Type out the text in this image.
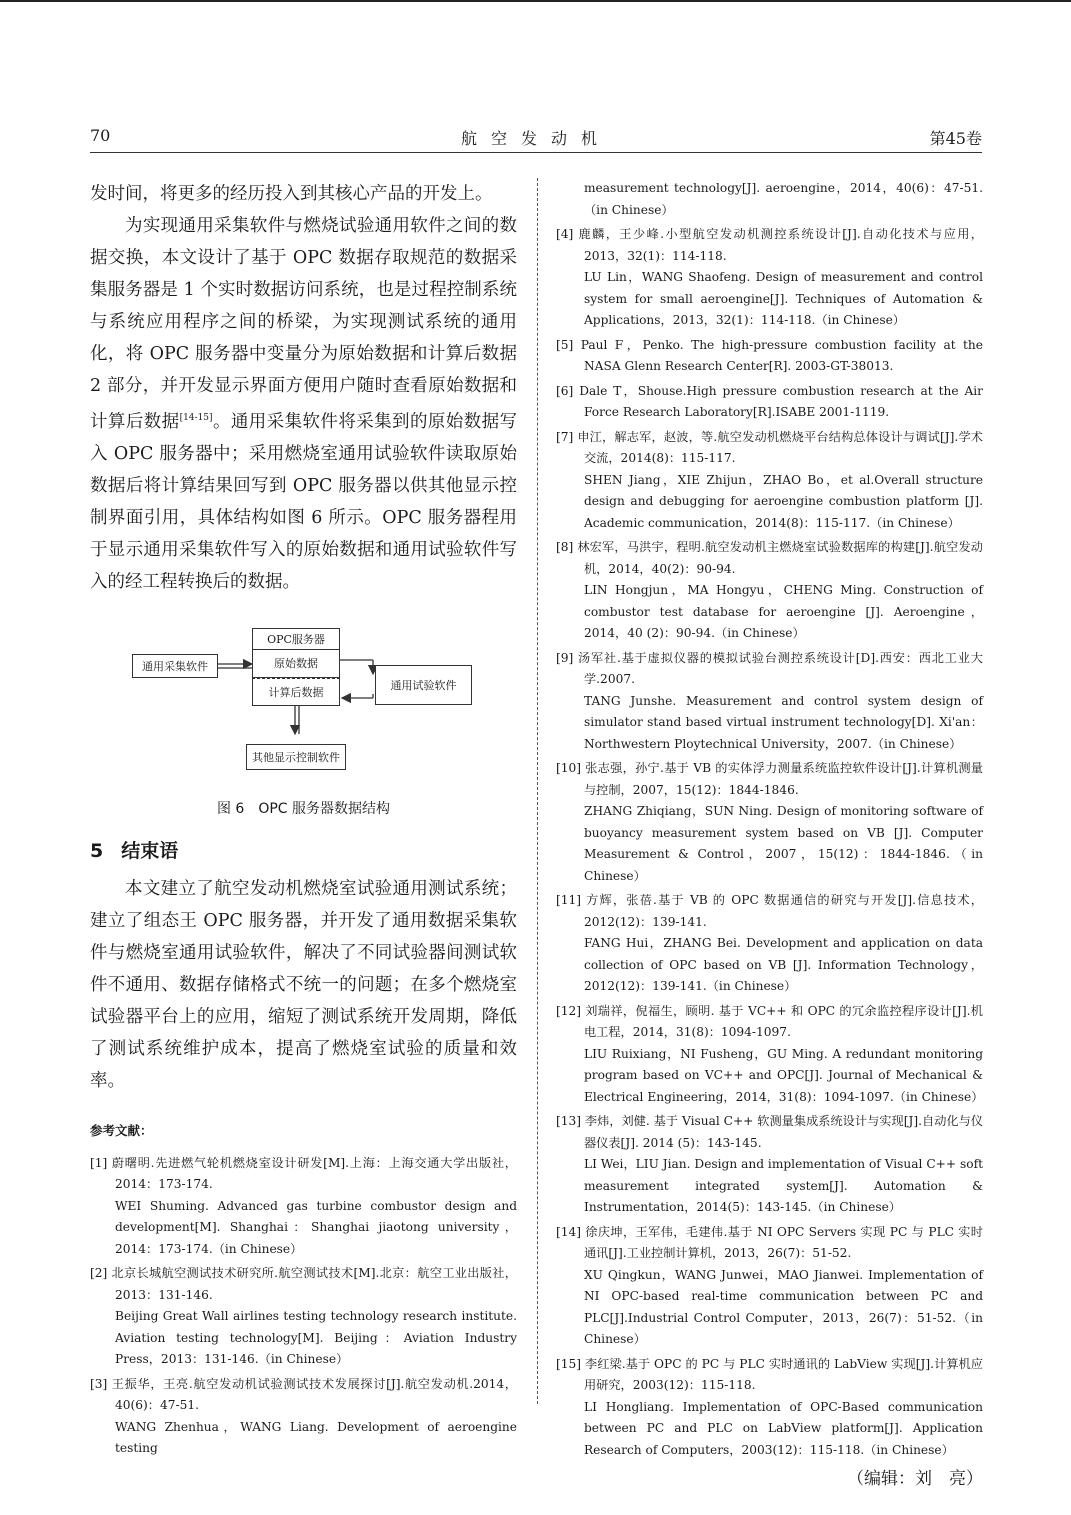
70	航空发动机	第45卷

发时间，将更多的经历投入到其核心产品的开发上。

为实现通用采集软件与燃烧试验通用软件之间的数据交换，本文设计了基于 OPC 数据存取规范的数据采集服务器是 1 个实时数据访问系统，也是过程控制系统与系统应用程序之间的桥梁，为实现测试系统的通用化，将 OPC 服务器中变量分为原始数据和计算后数据 2 部分，并开发显示界面方便用户随时查看原始数据和计算后数据[14-15]。通用采集软件将采集到的原始数据写入 OPC 服务器中；采用燃烧室通用试验软件读取原始数据后将计算结果回写到 OPC 服务器以供其他显示控制界面引用，具体结构如图 6 所示。OPC 服务器程用于显示通用采集软件写入的原始数据和通用试验软件写入的经工程转换后的数据。

OPC服务器
原始数据
计算后数据
通用采集软件
通用试验软件
其他显示控制软件
图 6　OPC 服务器数据结构
5 结束语

本文建立了航空发动机燃烧室试验通用测试系统；建立了组态王 OPC 服务器，并开发了通用数据采集软件与燃烧室通用试验软件，解决了不同试验器间测试软件不通用、数据存储格式不统一的问题；在多个燃烧室试验器平台上的应用，缩短了测试系统开发周期，降低了测试系统维护成本，提高了燃烧室试验的质量和效率。

参考文献：
[1] 蔚曙明.先进燃气轮机燃烧室设计研发[M].上海：上海交通大学出版社，2014：173-174.
WEI Shuming. Advanced gas turbine combustor design and development[M]. Shanghai：Shanghai jiaotong university，2014：173-174.（in Chinese）
[2] 北京长城航空测试技术研究所.航空测试技术[M].北京：航空工业出版社，2013：131-146.
Beijing Great Wall airlines testing technology research institute. Aviation testing technology[M]. Beijing：Aviation Industry Press，2013：131-146.（in Chinese）
[3] 王振华，王亮.航空发动机试验测试技术发展探讨[J].航空发动机.2014，40(6)：47-51.
WANG Zhenhua，WANG Liang. Development of aeroengine testing
measurement technology[J]. aeroengine，2014，40(6)：47-51.（in Chinese）
[4] 鹿麟，王少峰.小型航空发动机测控系统设计[J].自动化技术与应用，2013，32(1)：114-118.
LU Lin，WANG Shaofeng. Design of measurement and control system for small aeroengine[J]. Techniques of Automation & Applications，2013，32(1)：114-118.（in Chinese）
[5] Paul F，Penko. The high-pressure combustion facility at the NASA Glenn Research Center[R]. 2003-GT-38013.
[6] Dale T，Shouse.High pressure combustion research at the Air Force Research Laboratory[R].ISABE 2001-1119.
[7] 申江，解志军，赵波，等.航空发动机燃烧平台结构总体设计与调试[J].学术交流，2014(8)：115-117.
SHEN Jiang，XIE Zhijun，ZHAO Bo，et al.Overall structure design and debugging for aeroengine combustion platform [J]. Academic communication，2014(8)：115-117.（in Chinese）
[8] 林宏军，马洪宇，程明.航空发动机主燃烧室试验数据库的构建[J].航空发动机，2014，40(2)：90-94.
LIN Hongjun，MA Hongyu，CHENG Ming. Construction of combustor test database for aeroengine [J]. Aeroengine，2014，40 (2)：90-94.（in Chinese）
[9] 汤军社.基于虚拟仪器的模拟试验台测控系统设计[D].西安：西北工业大学.2007.
TANG Junshe. Measurement and control system design of simulator stand based virtual instrument technology[D]. Xi'an：Northwestern Ploytechnical University，2007.（in Chinese）
[10] 张志强，孙宁.基于 VB 的实体浮力测量系统监控软件设计[J].计算机测量与控制，2007，15(12)：1844-1846.
ZHANG Zhiqiang，SUN Ning. Design of monitoring software of buoyancy measurement system based on VB [J]. Computer Measurement & Control，2007，15(12)：1844-1846.（in Chinese）
[11] 方辉，张蓓.基于 VB 的 OPC 数据通信的研究与开发[J].信息技术，2012(12)：139-141.
FANG Hui，ZHANG Bei. Development and application on data collection of OPC based on VB [J]. Information Technology，2012(12)：139-141.（in Chinese）
[12] 刘瑞祥，倪福生，顾明. 基于 VC++ 和 OPC 的冗余监控程序设计[J].机电工程，2014，31(8)：1094-1097.
LIU Ruixiang，NI Fusheng，GU Ming. A redundant monitoring program based on VC++ and OPC[J]. Journal of Mechanical & Electrical Engineering，2014，31(8)：1094-1097.（in Chinese）
[13] 李炜，刘健. 基于 Visual C++ 软测量集成系统设计与实现[J].自动化与仪器仪表[J]. 2014 (5)：143-145.
LI Wei，LIU Jian. Design and implementation of Visual C++ soft measurement integrated system[J]. Automation & Instrumentation，2014(5)：143-145.（in Chinese）
[14] 徐庆坤，王军伟，毛建伟.基于 NI OPC Servers 实现 PC 与 PLC 实时通讯[J].工业控制计算机，2013，26(7)：51-52.
XU Qingkun，WANG Junwei，MAO Jianwei. Implementation of NI OPC-based real-time communication between PC and PLC[J].Industrial Control Computer，2013，26(7)：51-52.（in Chinese）
[15] 李红梁.基于 OPC 的 PC 与 PLC 实时通讯的 LabView 实现[J].计算机应用研究，2003(12)：115-118.
LI Hongliang. Implementation of OPC-Based communication between PC and PLC on LabView platform[J]. Application Research of Computers，2003(12)：115-118.（in Chinese）
（编辑：刘　亮）
